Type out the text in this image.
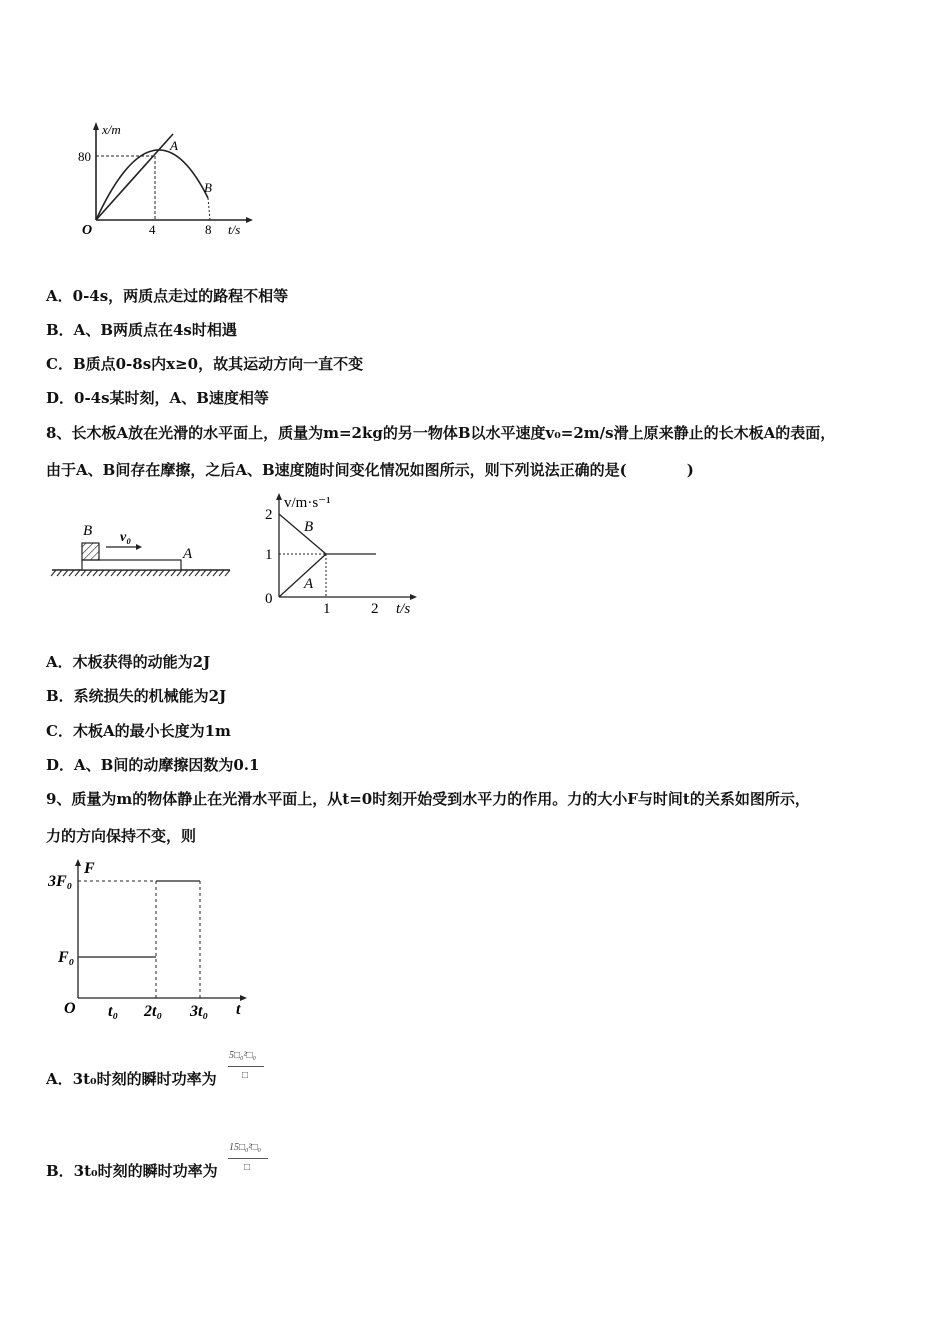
x/m
t/s
O
80
4	8
A
B
A．0-4s，两质点走过的路程不相等
B．A、B两质点在4s时相遇
C．B质点0-8s内x≥0，故其运动方向一直不变
D．0-4s某时刻，A、B速度相等
8、长木板A放在光滑的水平面上，质量为m=2kg的另一物体B以水平速度v₀=2m/s滑上原来静止的长木板A的表面，
由于A、B间存在摩擦，之后A、B速度随时间变化情况如图所示，则下列说法正确的是(　　　　)
B v₀
A
v/m·s⁻¹
t/s
0
2
1
1	2
B
A
A．木板获得的动能为2J
B．系统损失的机械能为2J
C．木板A的最小长度为1m
D．A、B间的动摩擦因数为0.1
9、质量为m的物体静止在光滑水平面上，从t=0时刻开始受到水平力的作用。力的大小F与时间t的关系如图所示，
力的方向保持不变，则
F
t
O
3F₀
F₀
t₀ 2t₀ 3t₀
A．3t₀时刻的瞬时功率为
5□₀²□₀
□
B．3t₀时刻的瞬时功率为
15□₀²□₀
□
